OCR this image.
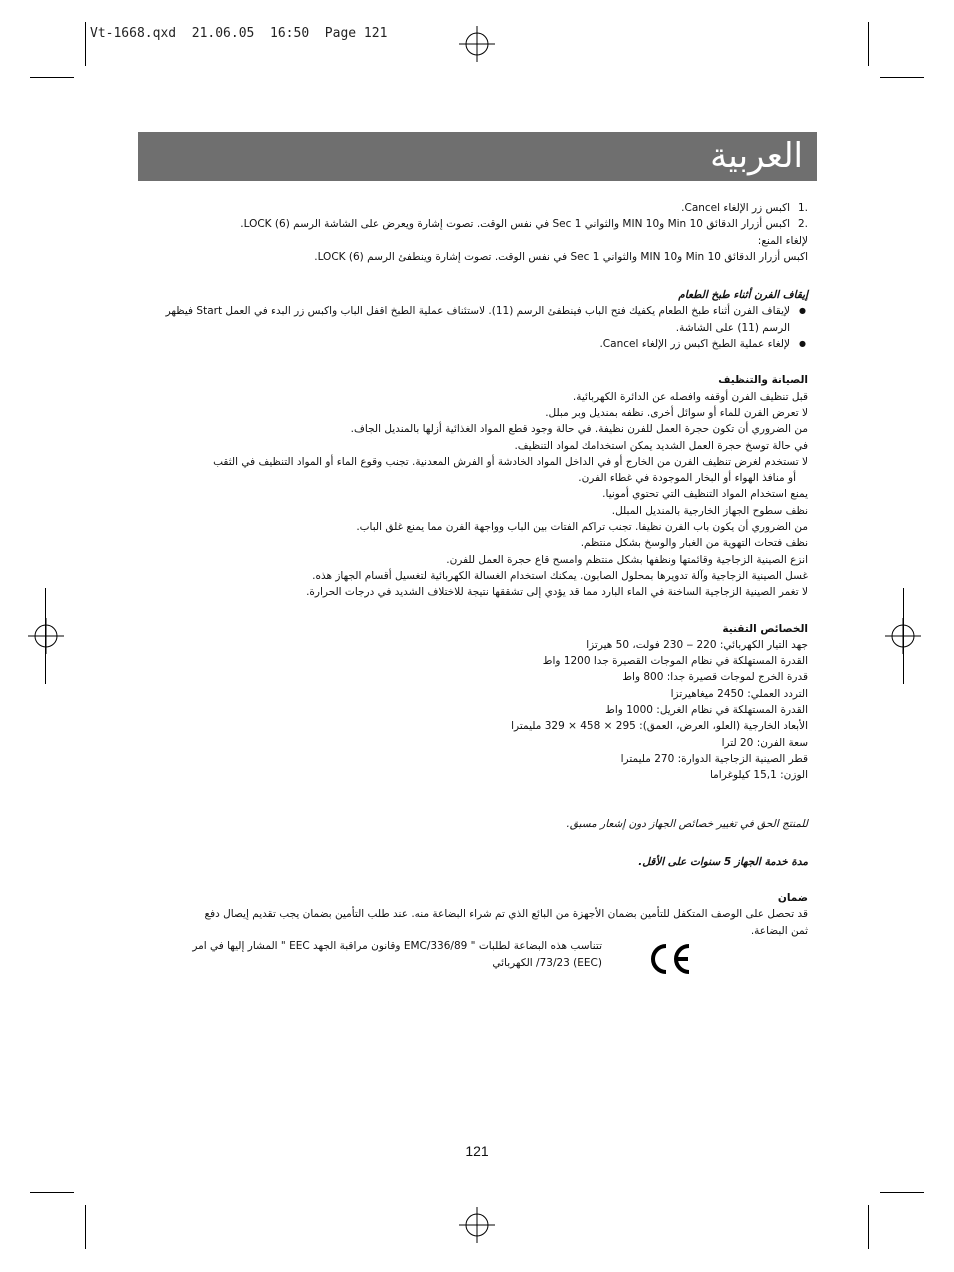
Vt-1668.qxd  21.06.05  16:50  Page 121
العربية
.1
اكبس زر الإلغاء Cancel.
.2
اكبس أزرار الدقائق 10 Min و10 MIN والثواني 1 Sec في نفس الوقت. تصوت إشارة ويعرض على الشاشة الرسم (6) LOCK.

لإلغاء المنع:

اكبس أزرار الدقائق 10 Min و10 MIN والثواني 1 Sec في نفس الوقت. تصوت إشارة وينطفئ الرسم (6) LOCK.

إيقاف الفرن أثناء طبخ الطعام

● لإيقاف الفرن أثناء طبخ الطعام يكفيك فتح الباب فينطفئ الرسم (11). لاستئناف عملية الطبخ اقفل الباب واكبس زر البدء في العمل Start فيظهر الرسم (11) على الشاشة.
● لإلغاء عملية الطبخ اكبس زر الإلغاء Cancel.

الصيانة والتنظيف

قبل تنظيف الفرن أوقفه وافصله عن الدائرة الكهربائية.

لا تعرض الفرن للماء أو سوائل أخرى. نظفه بمنديل وبر مبلل.

من الضروري أن تكون حجرة العمل للفرن نظيفة. في حالة وجود قطع المواد الغذائية أزلها بالمنديل الجاف.

في حالة توسخ حجرة العمل الشديد يمكن استخدامك لمواد التنظيف.

لا تستخدم لغرض تنظيف الفرن من الخارج أو في الداخل المواد الخادشة أو الفرش المعدنية. تجنب وقوع الماء أو المواد التنظيف في الثقب

أو منافذ الهواء أو البخار الموجودة في غطاء الفرن.

يمنع استخدام المواد التنظيف التي تحتوي أمونيا.

نظف سطوح الجهاز الخارجية بالمنديل المبلل.

من الضروري أن يكون باب الفرن نظيفا. تجنب تراكم الفتات بين الباب وواجهة الفرن مما يمنع غلق الباب.

نظف فتحات التهوية من الغبار والوسخ بشكل منتظم.

انزع الصينية الزجاجية وقائمتها ونظفها بشكل منتظم وامسح قاع حجرة العمل للفرن.

غسل الصينية الزجاجية وآلة تدويرها بمحلول الصابون. يمكنك استخدام الغسالة الكهربائية لتغسيل أقسام الجهاز هذه.

لا تغمر الصينية الزجاجية الساخنة في الماء البارد مما قد يؤدي إلى تشققها نتيجة للاختلاف الشديد في درجات الحرارة.

الخصائص التقنية

جهد التيار الكهربائي: 220 ‒ 230 فولت، 50 هيرتزا

القدرة المستهلكة في نظام الموجات القصيرة جدا 1200 واط

قدرة الخرج لموجات قصيرة جدا: 800 واط

التردد العملي: 2450 ميغاهيرتزا

القدرة المستهلكة في نظام الغريل: 1000 واط

الأبعاد الخارجية (العلو، العرض، العمق): 295 × 458 × 329 مليمترا

سعة الفرن: 20 لترا

قطر الصينية الزجاجية الدوارة: 270 مليمترا

الوزن: 15,1 كيلوغراما

للمنتج الحق في تغيير خصائص الجهاز دون إشعار مسبق.

مدة خدمة الجهاز 5 سنوات على الأقل.

ضمان

قد تحصل على الوصف المتكفل للتأمين بضمان الأجهزة من البائع الذي تم شراء البضاعة منه. عند طلب التأمين بضمان يجب تقديم إيصال دفع

ثمن البضاعة.

تتناسب هذه البضاعة لطلبات " EMC/336/89 وقانون مراقبة الجهد EEC " المشار إليها في امر

(EEC) 73/23/ الكهربائي

121
